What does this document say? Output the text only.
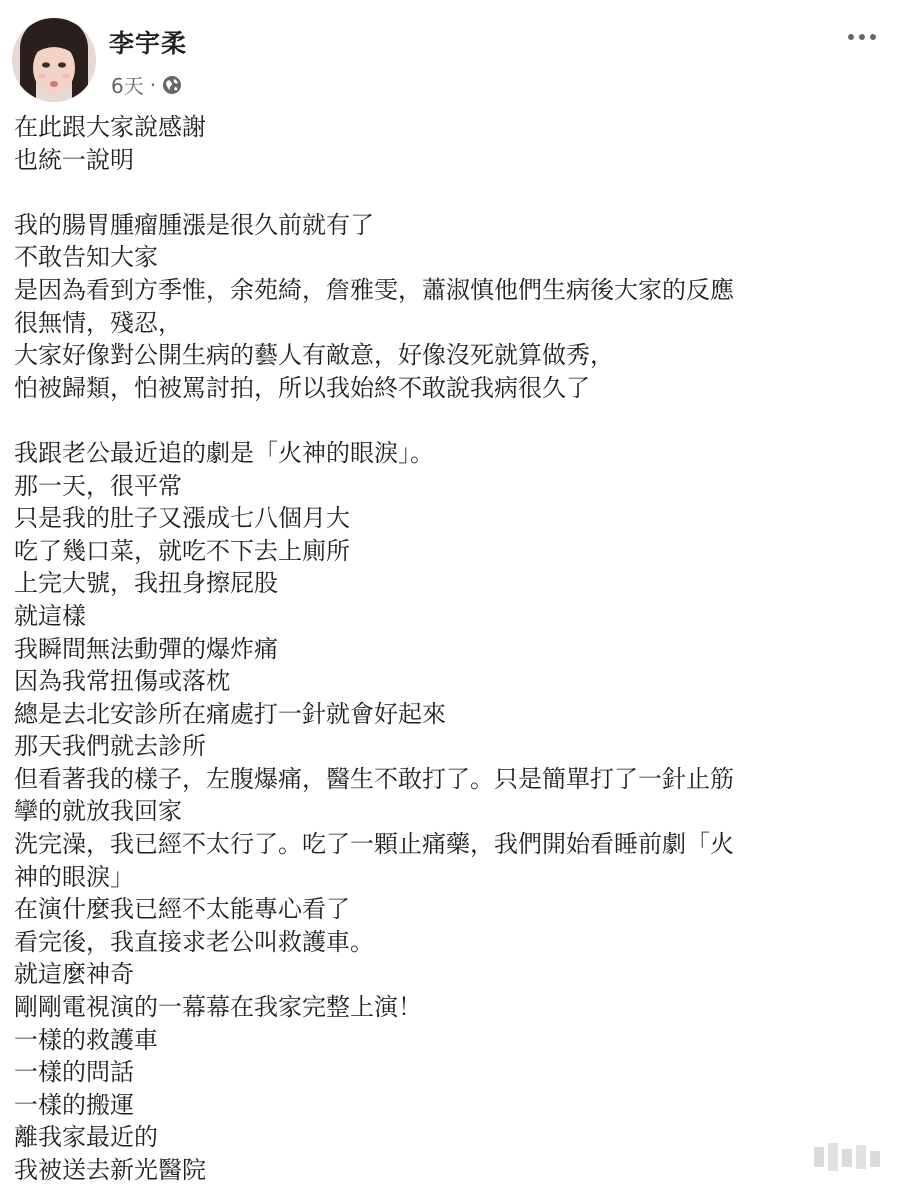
李宇柔
6天 ·
在此跟大家說感謝
也統一說明
我的腸胃腫瘤腫漲是很久前就有了
不敢告知大家
是因為看到方季惟，余苑綺，詹雅雯，蕭淑慎他們生病後大家的反應
很無情，殘忍，
大家好像對公開生病的藝人有敵意，好像沒死就算做秀，
怕被歸類，怕被罵討拍，所以我始終不敢說我病很久了
我跟老公最近追的劇是「火神的眼淚」。
那一天，很平常
只是我的肚子又漲成七八個月大
吃了幾口菜，就吃不下去上廁所
上完大號，我扭身擦屁股
就這樣
我瞬間無法動彈的爆炸痛
因為我常扭傷或落枕
總是去北安診所在痛處打一針就會好起來
那天我們就去診所
但看著我的樣子，左腹爆痛，醫生不敢打了。只是簡單打了一針止筋
攣的就放我回家
洗完澡，我已經不太行了。吃了一顆止痛藥，我們開始看睡前劇「火
神的眼淚」
在演什麼我已經不太能專心看了
看完後，我直接求老公叫救護車。
就這麼神奇
剛剛電視演的一幕幕在我家完整上演！
一樣的救護車
一樣的問話
一樣的搬運
離我家最近的
我被送去新光醫院
